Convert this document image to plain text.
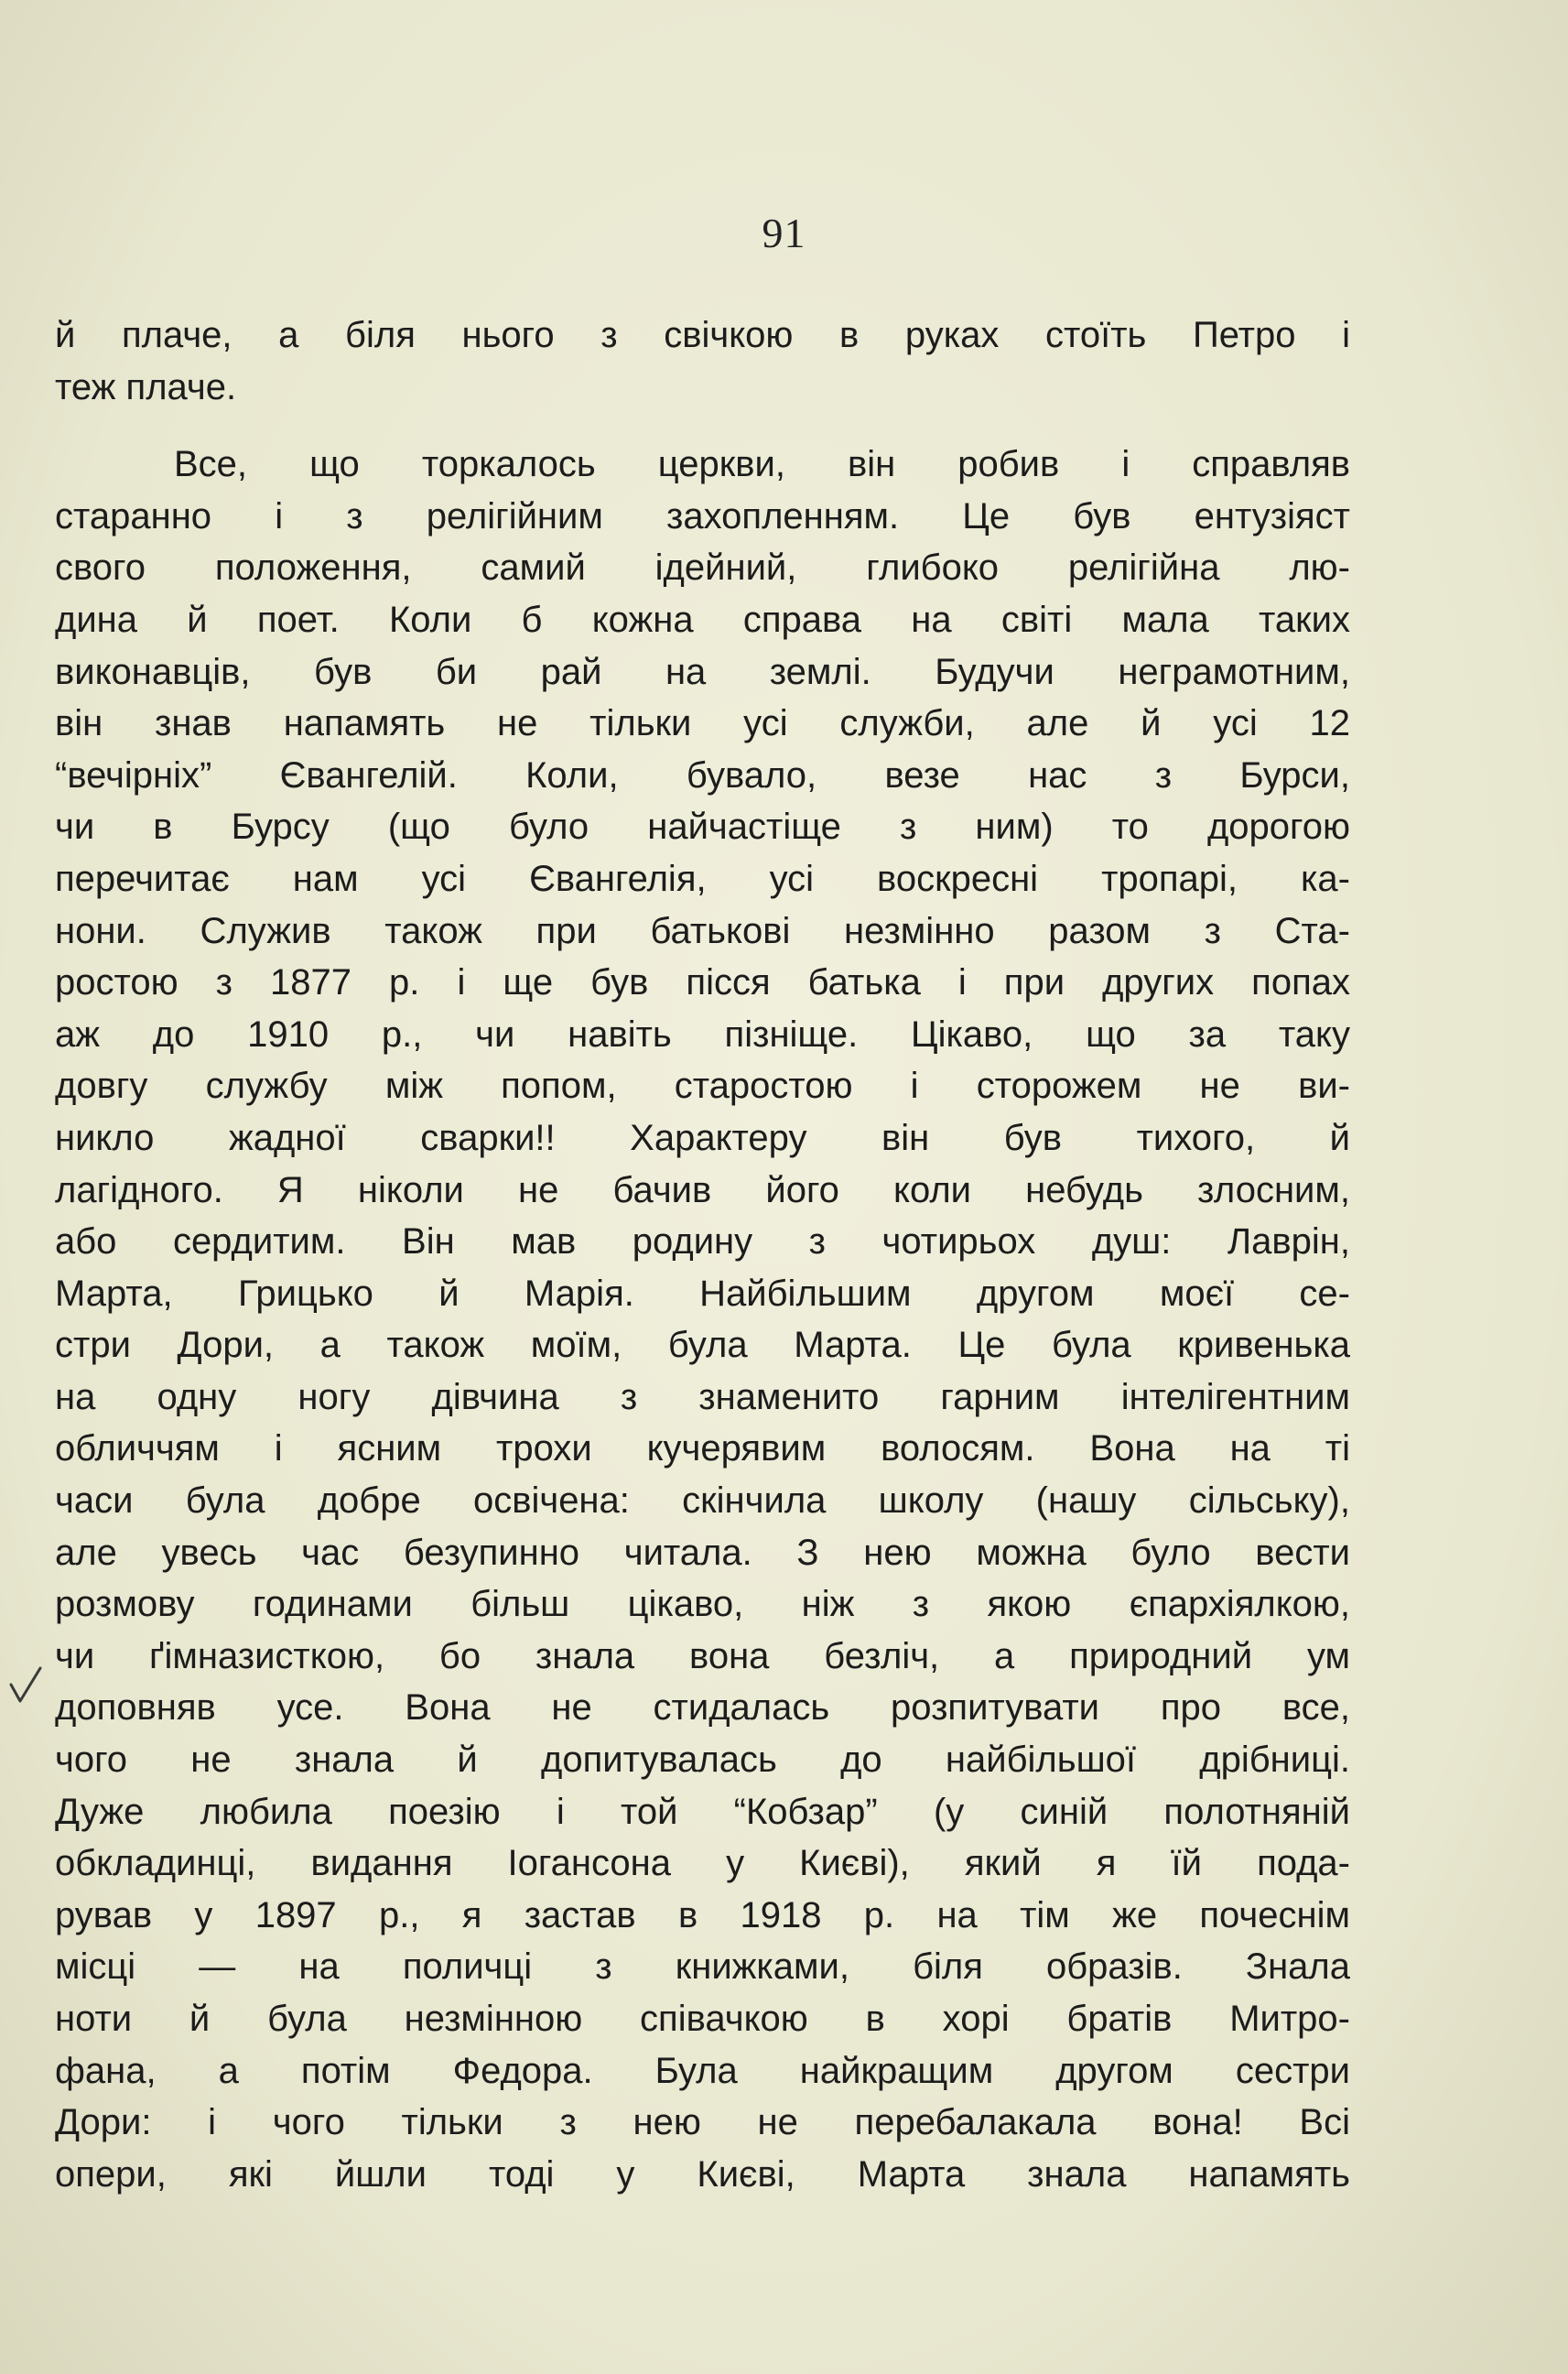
91
й плаче, а біля нього з свічкою в руках стоїть Петро і
теж плаче.
Все, що торкалось церкви, він робив і справляв
старанно і з релігійним захопленням. Це був ентузіяст
свого положення, самий ідейний, глибоко релігійна лю-
дина й поет. Коли б кожна справа на світі мала таких
виконавців, був би рай на землі. Будучи неграмотним,
він знав напамять не тільки усі служби, але й усі 12
“вечірніх” Євангелій. Коли, бувало, везе нас з Бурси,
чи в Бурсу (що було найчастіще з ним) то дорогою
перечитає нам усі Євангелія, усі воскресні тропарі, ка-
нони. Служив також при батькові незмінно разом з Ста-
ростою з 1877 р. і ще був пісся батька і при других попах
аж до 1910 р., чи навіть пізніще. Цікаво, що за таку
довгу службу між попом, старостою і сторожем не ви-
никло жадної сварки!! Характеру він був тихого, й
лагідного. Я ніколи не бачив його коли небудь злосним,
або сердитим. Він мав родину з чотирьох душ: Лаврін,
Марта, Грицько й Марія. Найбільшим другом моєї се-
стри Дори, а також моїм, була Марта. Це була кривенька
на одну ногу дівчина з знаменито гарним інтелігентним
обличчям і ясним трохи кучерявим волосям. Вона на ті
часи була добре освічена: скінчила школу (нашу сільську),
але увесь час безупинно читала. З нею можна було вести
розмову годинами більш цікаво, ніж з якою єпархіялкою,
чи ґімназисткою, бо знала вона безліч, а природний ум
доповняв усе. Вона не стидалась розпитувати про все,
чого не знала й допитувалась до найбільшої дрібниці.
Дуже любила поезію і той “Кобзар” (у синій полотняній
обкладинці, видання Іогансона у Києві), який я їй пода-
рував у 1897 р., я застав в 1918 р. на тім же почеснім
місці — на поличці з книжками, біля образів. Знала
ноти й була незмінною співачкою в хорі братів Митро-
фана, а потім Федора. Була найкращим другом сестри
Дори: і чого тільки з нею не перебалакала вона! Всі
опери, які йшли тоді у Києві, Марта знала напамять
